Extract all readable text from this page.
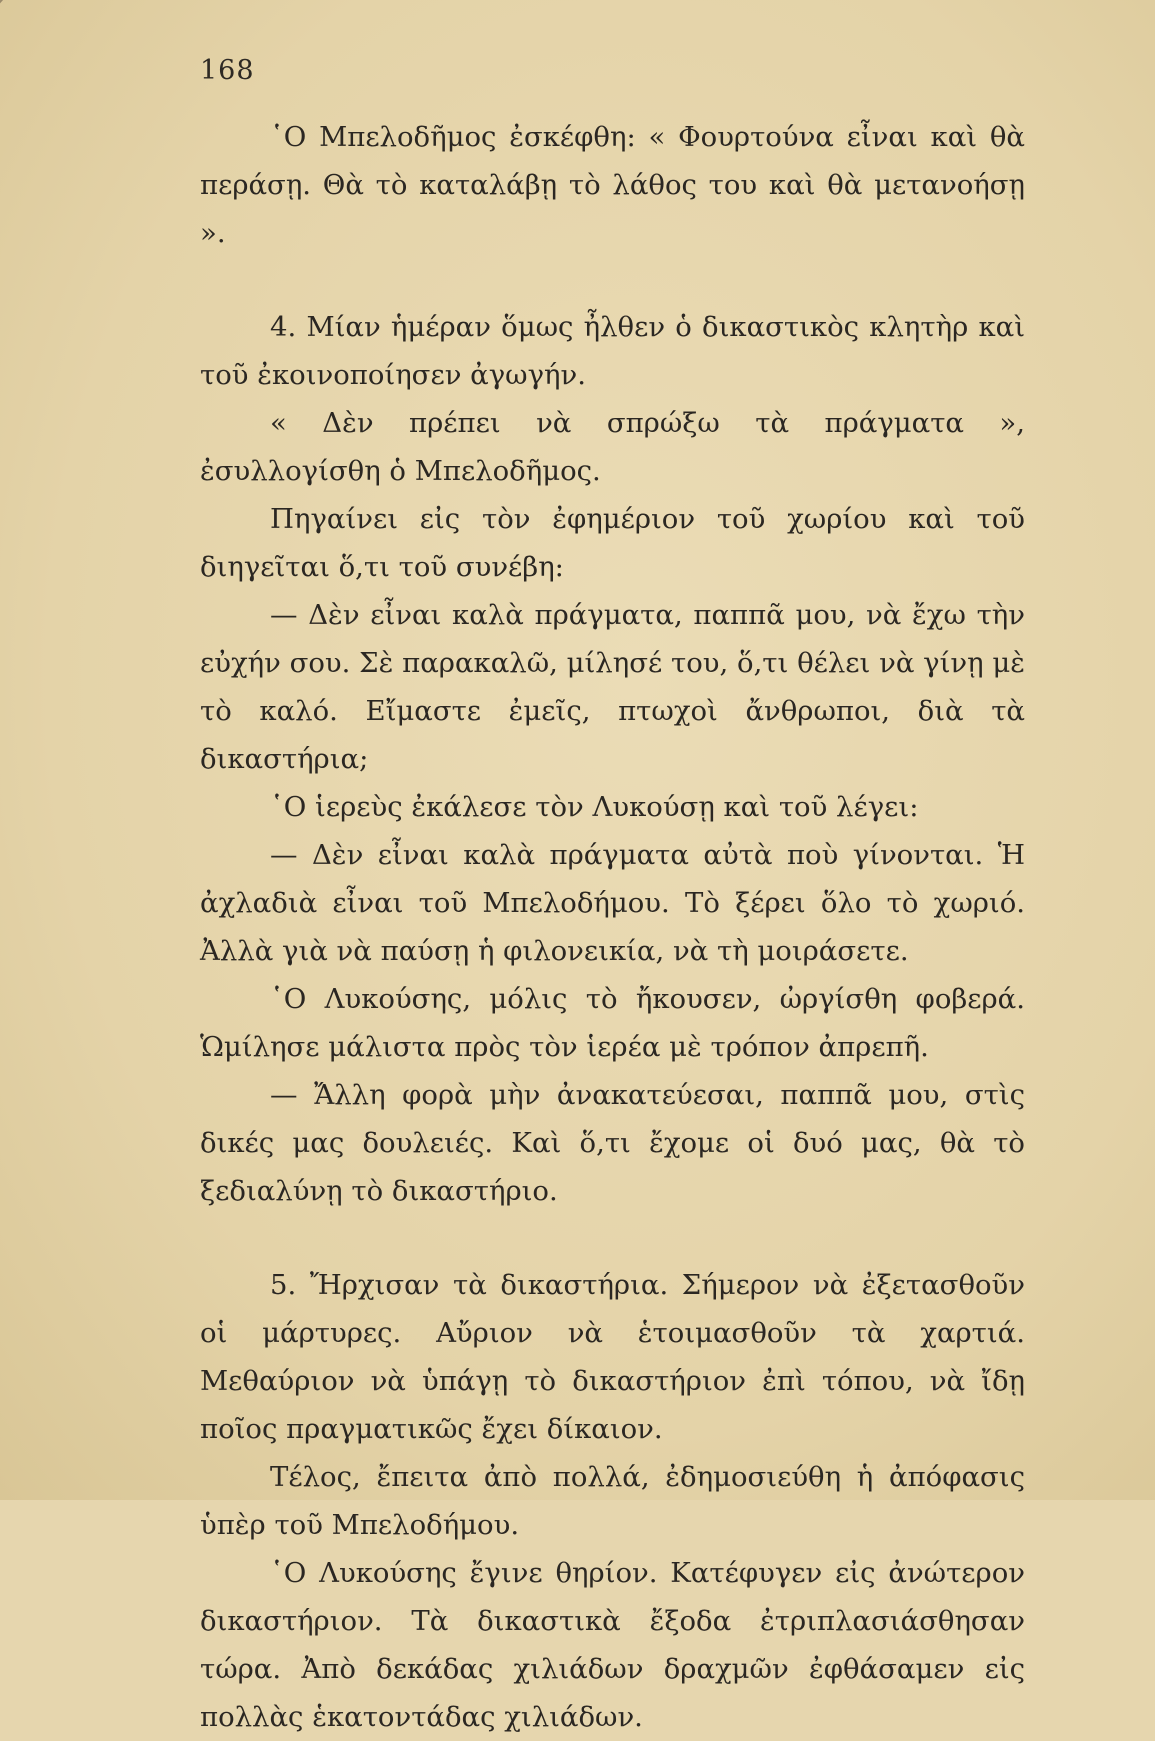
168

῾Ο Μπελοδῆμος ἐσκέφθη: « Φουρτούνα εἶναι καὶ θὰ περάσῃ. Θὰ τὸ καταλάβῃ τὸ λάθος του καὶ θὰ μετανοήσῃ ».

4. Μίαν ἡμέραν ὅμως ἦλθεν ὁ δικαστικὸς κλητὴρ καὶ τοῦ ἐκοινοποίησεν ἀγωγήν.

« Δὲν πρέπει νὰ σπρώξω τὰ πράγματα », ἐσυλλογίσθη ὁ Μπελοδῆμος.

Πηγαίνει εἰς τὸν ἐφημέριον τοῦ χωρίου καὶ τοῦ διηγεῖται ὅ,τι τοῦ συνέβη:

— Δὲν εἶναι καλὰ πράγματα, παππᾶ μου, νὰ ἔχω τὴν εὐχήν σου. Σὲ παρακαλῶ, μίλησέ του, ὅ,τι θέλει νὰ γίνῃ μὲ τὸ καλό. Εἴμαστε ἐμεῖς, πτωχοὶ ἄνθρωποι, διὰ τὰ δικαστήρια;

῾Ο ἱερεὺς ἐκάλεσε τὸν Λυκούσῃ καὶ τοῦ λέγει:

— Δὲν εἶναι καλὰ πράγματα αὐτὰ ποὺ γίνονται. Ἡ ἀχλαδιὰ εἶναι τοῦ Μπελοδήμου. Τὸ ξέρει ὅλο τὸ χωριό. Ἀλλὰ γιὰ νὰ παύσῃ ἡ φιλονεικία, νὰ τὴ μοιράσετε.

῾Ο Λυκούσης, μόλις τὸ ἤκουσεν, ὠργίσθη φοβερά. Ὡμίλησε μάλιστα πρὸς τὸν ἱερέα μὲ τρόπον ἀπρεπῆ.

— Ἄλλη φορὰ μὴν ἀνακατεύεσαι, παππᾶ μου, στὶς δικές μας δουλειές. Καὶ ὅ,τι ἔχομε οἱ δυό μας, θὰ τὸ ξεδιαλύνῃ τὸ δικαστήριο.

5. Ἤρχισαν τὰ δικαστήρια. Σήμερον νὰ ἐξετασθοῦν οἱ μάρτυρες. Αὔριον νὰ ἑτοιμασθοῦν τὰ χαρτιά. Μεθαύριον νὰ ὑπάγῃ τὸ δικαστήριον ἐπὶ τόπου, νὰ ἴδῃ ποῖος πραγματικῶς ἔχει δίκαιον.

Τέλος, ἔπειτα ἀπὸ πολλά, ἐδημοσιεύθη ἡ ἀπόφασις ὑπὲρ τοῦ Μπελοδήμου.

῾Ο Λυκούσης ἔγινε θηρίον. Κατέφυγεν εἰς ἀνώτερον δικαστήριον. Τὰ δικαστικὰ ἔξοδα ἐτριπλασιάσθησαν τώρα. Ἀπὸ δεκάδας χιλιάδων δραχμῶν ἐφθάσαμεν εἰς πολλὰς ἑκατοντάδας χιλιάδων.
